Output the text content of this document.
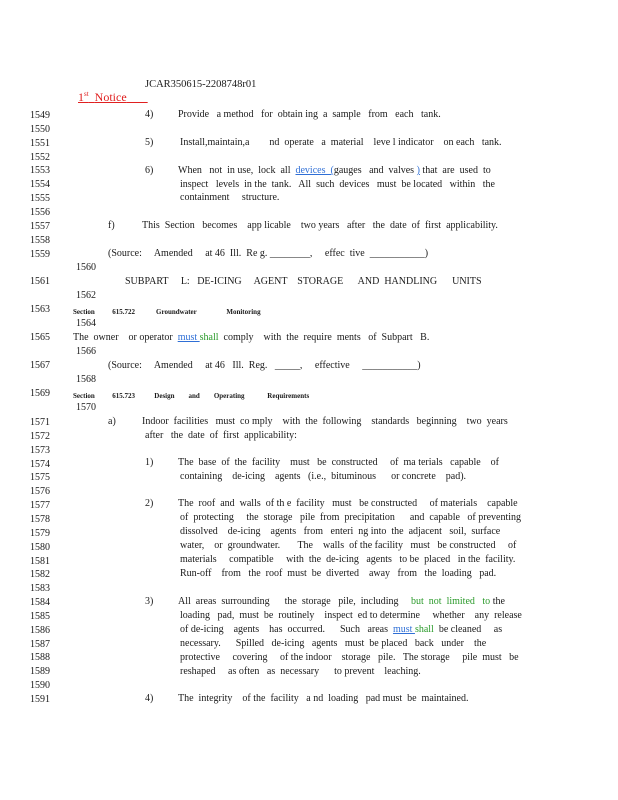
1st Notice

JCAR350615-2208748r01
1549
1550
1551
1552
1553
1554
1555
1556
1557
1558
1559
1571
1572
1573
1574
1575
1576
1577
1578
1579
1580
1581
1582
1583
1584
1585
1586
1587
1588
1589
1590
1591
4) Provide   a method   for  obtain ing  a  sample   from   each   tank.
5)	Install,maintain,a        nd  operate   a  material    leve l indicator    on each   tank.
6) When   not  in use,  lock  all  devices  (gauges   and  valves ) that  are  used  to
inspect   levels  in the  tank.   All  such  devices   must  be located   within   the
containment     structure.
f)	This  Section   becomes    app licable    two years   after   the  date  of  first  applicability.
(Source:     Amended     at 46  Ill.  Re g. ________,     effec  tive  ___________)
1560
SUBPART     L:   DE-ICING     AGENT    STORAGE      AND  HANDLING      UNITS
1562
Section	615.722	Groundwater	Monitoring
1564
The  owner    or operator  must shall  comply    with  the  require  ments   of  Subpart   B.
1566
(Source:     Amended     at 46   Ill.  Reg.   _____,     effective     ___________)
1568
Section	615.723	Design and Operating	Requirements
1570
a)	Indoor  facilities   must  co mply    with  the  following    standards   beginning    two  years
after   the  date  of  first  applicability:
1) The  base  of  the  facility    must   be  constructed     of  ma terials   capable    of
containing    de-icing    agents   (i.e.,  bituminous      or concrete    pad).
2) The  roof  and  walls  of th e  facility   must   be constructed     of materials    capable
of  protecting     the  storage   pile  from  precipitation      and  capable   of preventing
dissolved    de-icing    agents   from   enteri  ng into  the  adjacent   soil,  surface
water,    or  groundwater.       The    walls  of the facility   must   be constructed     of
materials     compatible     with  the  de-icing   agents   to be  placed   in the  facility.
Run-off    from   the  roof  must  be  diverted    away   from   the  loading   pad.
3) All  areas  surrounding      the  storage   pile,  including     but  not  limited   to the
loading   pad,  must  be  routinely    inspect  ed to determine     whether    any  release
of de-icing    agents    has  occurred.      Such   areas  must shall  be cleaned     as
necessary.      Spilled   de-icing   agents   must  be placed   back   under    the
protective     covering     of the indoor    storage   pile.   The storage     pile  must   be
reshaped     as often   as  necessary      to prevent    leaching.
4) The  integrity    of the  facility   a nd  loading   pad must  be  maintained.
1561
1563
1565
1567
1569
